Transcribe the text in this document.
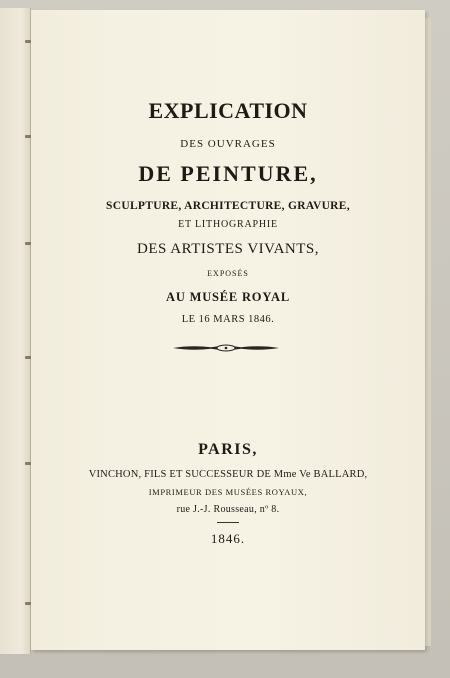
EXPLICATION
DES OUVRAGES
DE PEINTURE,
SCULPTURE, ARCHITECTURE, GRAVURE,
ET LITHOGRAPHIE
DES ARTISTES VIVANTS,
EXPOSÉS
AU MUSÉE ROYAL
LE 16 MARS 1846.
PARIS,
VINCHON, FILS ET SUCCESSEUR DE Mme Ve BALLARD,
IMPRIMEUR DES MUSÉES ROYAUX,
rue J.-J. Rousseau, nº 8.
1846.
